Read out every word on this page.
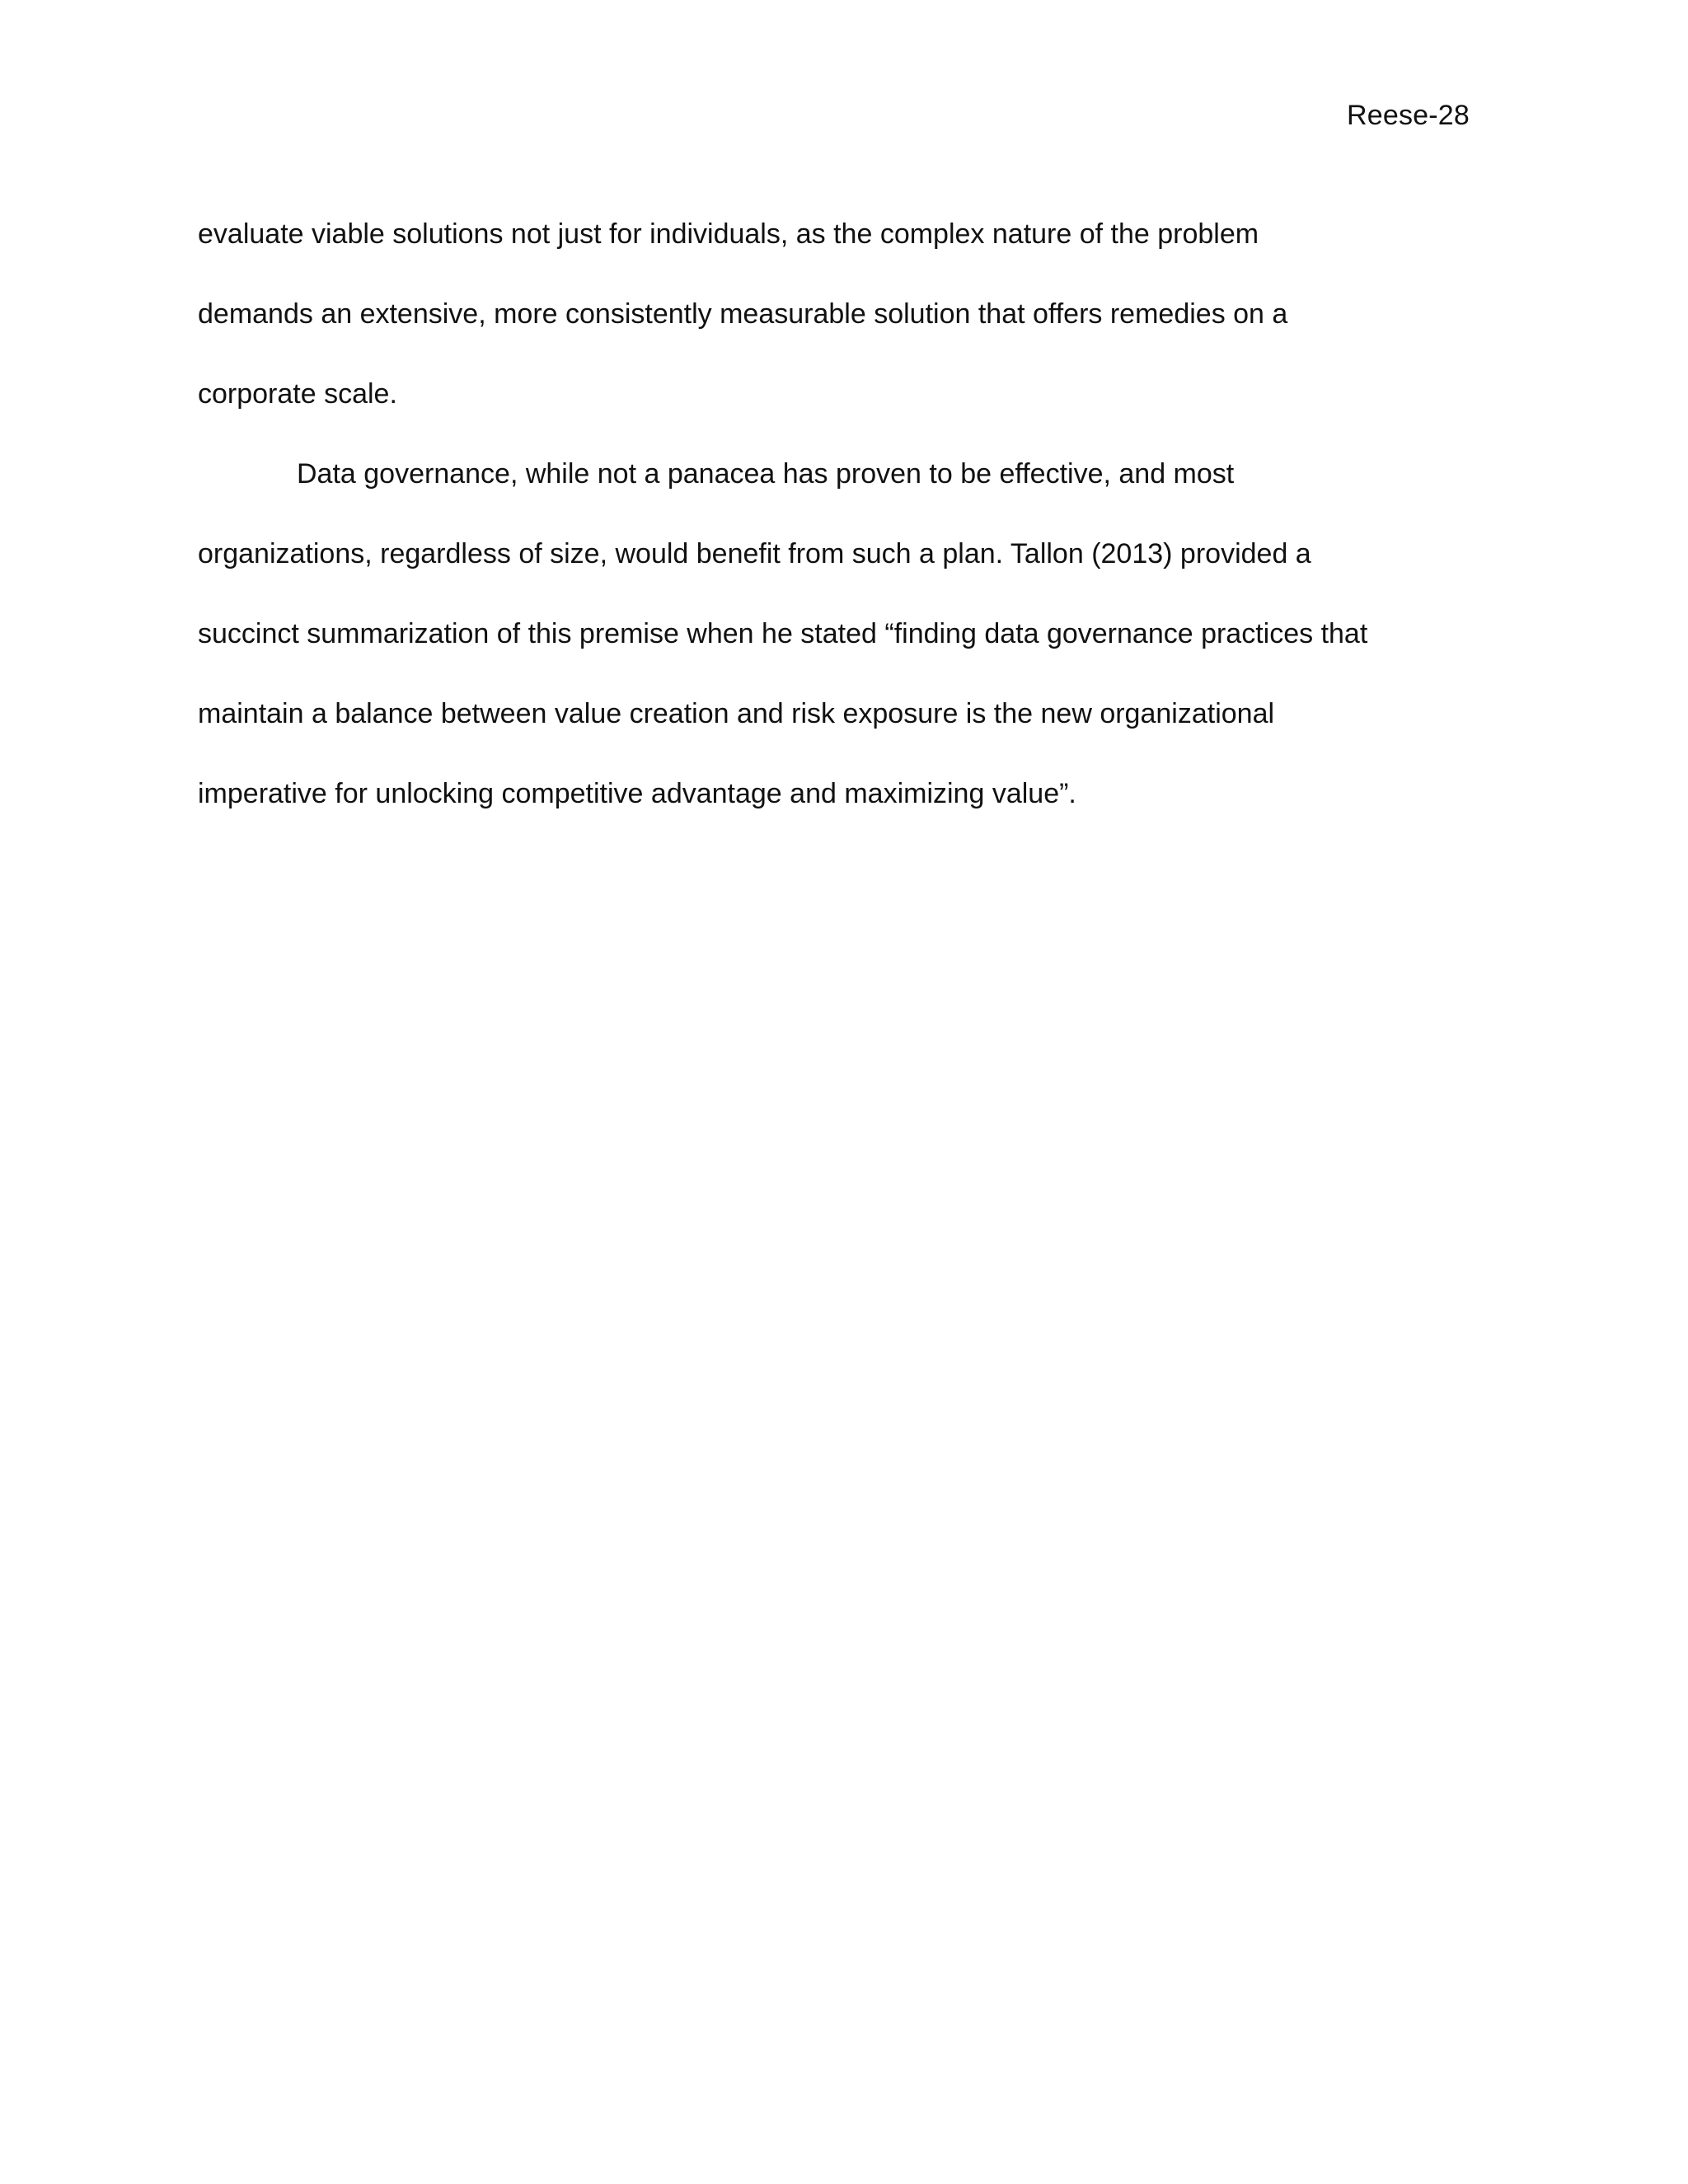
Reese-28
evaluate viable solutions not just for individuals, as the complex nature of the problem
demands an extensive, more consistently measurable solution that offers remedies on a
corporate scale.
Data governance, while not a panacea has proven to be effective, and most
organizations, regardless of size, would benefit from such a plan. Tallon (2013) provided a
succinct summarization of this premise when he stated “finding data governance practices that
maintain a balance between value creation and risk exposure is the new organizational
imperative for unlocking competitive advantage and maximizing value”.
